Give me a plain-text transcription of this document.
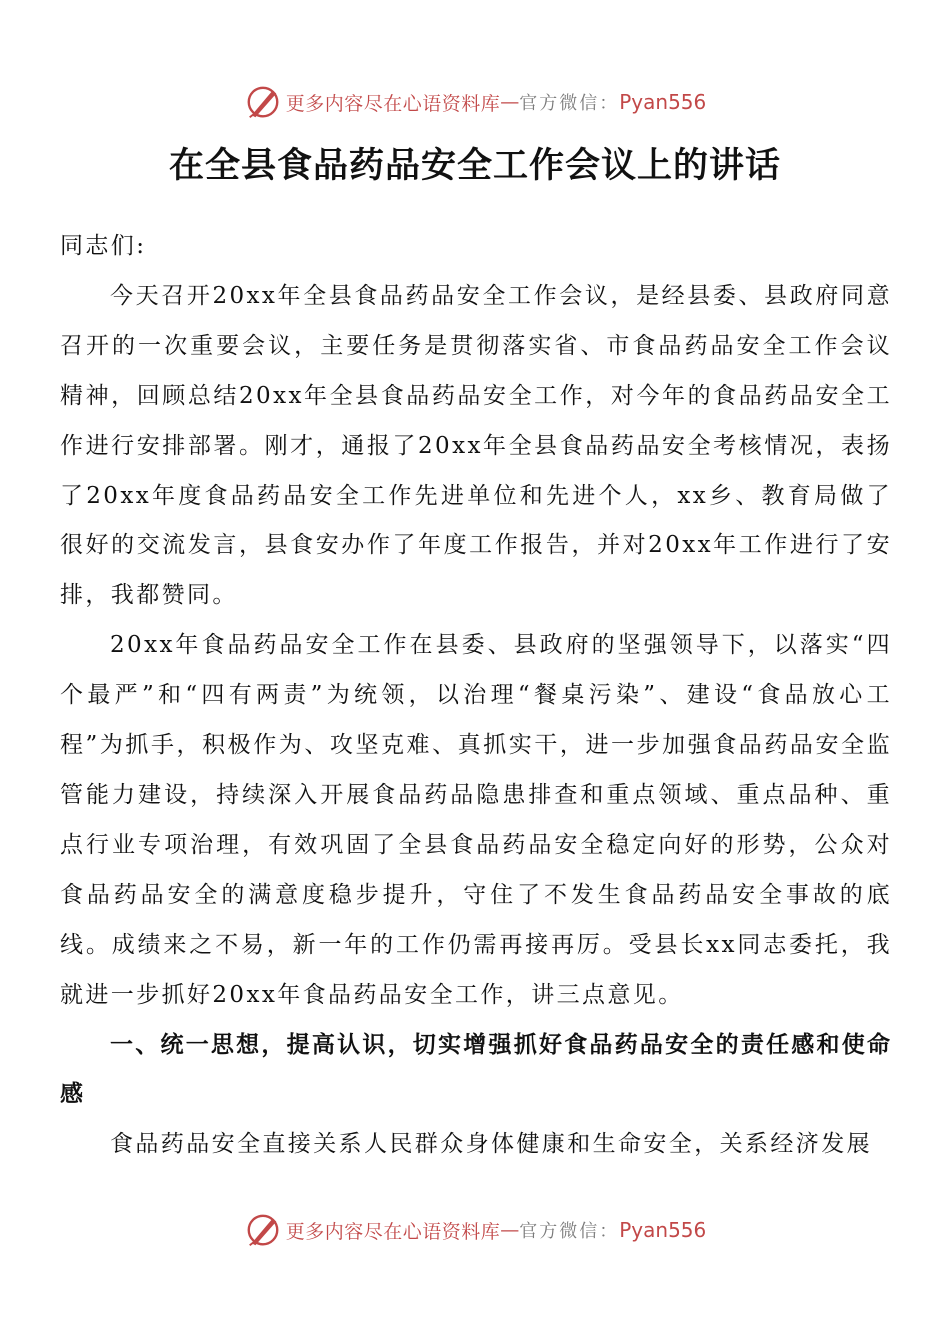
更多内容尽在心语资料库 — 官方微信： Pyan556
在全县食品药品安全工作会议上的讲话

同志们:

今天召开20xx年全县食品药品安全工作会议，是经县委、县政府同意召开的一次重要会议，主要任务是贯彻落实省、市食品药品安全工作会议精神，回顾总结20xx年全县食品药品安全工作，对今年的食品药品安全工作进行安排部署。刚才，通报了20xx年全县食品药品安全考核情况，表扬了20xx年度食品药品安全工作先进单位和先进个人，xx乡、教育局做了很好的交流发言，县食安办作了年度工作报告，并对20xx年工作进行了安排，我都赞同。

20xx年食品药品安全工作在县委、县政府的坚强领导下，以落实“四个最严”和“四有两责”为统领，以治理“餐桌污染”、建设“食品放心工程”为抓手，积极作为、攻坚克难、真抓实干，进一步加强食品药品安全监管能力建设，持续深入开展食品药品隐患排查和重点领域、重点品种、重点行业专项治理，有效巩固了全县食品药品安全稳定向好的形势，公众对食品药品安全的满意度稳步提升，守住了不发生食品药品安全事故的底线。成绩来之不易，新一年的工作仍需再接再厉。受县长xx同志委托，我就进一步抓好20xx年食品药品安全工作，讲三点意见。

一、统一思想，提高认识，切实增强抓好食品药品安全的责任感和使命感

食品药品安全直接关系人民群众身体健康和生命安全，关系经济发展

更多内容尽在心语资料库 — 官方微信： Pyan556
